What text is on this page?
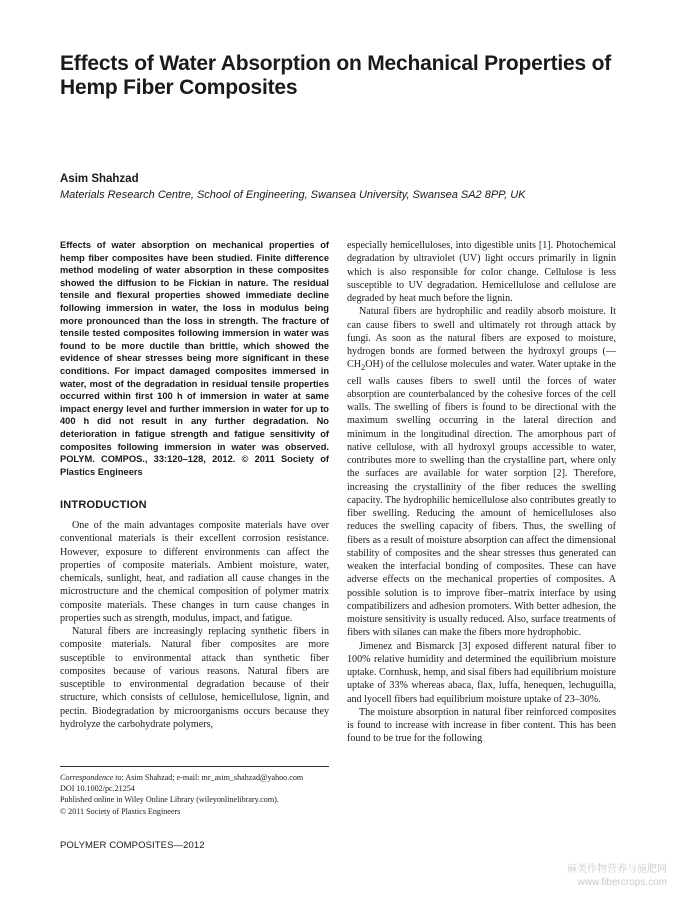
Effects of Water Absorption on Mechanical Properties of Hemp Fiber Composites
Asim Shahzad
Materials Research Centre, School of Engineering, Swansea University, Swansea SA2 8PP, UK

Effects of water absorption on mechanical properties of hemp fiber composites have been studied. Finite difference method modeling of water absorption in these composites showed the diffusion to be Fickian in nature. The residual tensile and flexural properties showed immediate decline following immersion in water, the loss in modulus being more pronounced than the loss in strength. The fracture of tensile tested composites following immersion in water was found to be more ductile than brittle, which showed the evidence of shear stresses being more significant in these conditions. For impact damaged composites immersed in water, most of the degradation in residual tensile properties occurred within first 100 h of immersion in water at same impact energy level and further immersion in water for up to 400 h did not result in any further degradation. No deterioration in fatigue strength and fatigue sensitivity of composites following immersion in water was observed. POLYM. COMPOS., 33:120–128, 2012. © 2011 Society of Plastics Engineers

INTRODUCTION

One of the main advantages composite materials have over conventional materials is their excellent corrosion resistance. However, exposure to different environments can affect the properties of composite materials. Ambient moisture, water, chemicals, sunlight, heat, and radiation all cause changes in the microstructure and the chemical composition of polymer matrix composite materials. These changes in turn cause changes in properties such as strength, modulus, impact, and fatigue.

Natural fibers are increasingly replacing synthetic fibers in composite materials. Natural fiber composites are more susceptible to environmental attack than synthetic fiber composites because of various reasons. Natural fibers are susceptible to environmental degradation because of their structure, which consists of cellulose, hemicellulose, lignin, and pectin. Biodegradation by microorganisms occurs because they hydrolyze the carbohydrate polymers,

especially hemicelluloses, into digestible units [1]. Photochemical degradation by ultraviolet (UV) light occurs primarily in lignin which is also responsible for color change. Cellulose is less susceptible to UV degradation. Hemicellulose and cellulose are degraded by heat much before the lignin.

Natural fibers are hydrophilic and readily absorb moisture. It can cause fibers to swell and ultimately rot through attack by fungi. As soon as the natural fibers are exposed to moisture, hydrogen bonds are formed between the hydroxyl groups $(—CH_2OH)$ of the cellulose molecules and water. Water uptake in the cell walls causes fibers to swell until the forces of water absorption are counterbalanced by the cohesive forces of the cell walls. The swelling of fibers is found to be directional with the maximum swelling occurring in the lateral direction and minimum in the longitudinal direction. The amorphous part of native cellulose, with all hydroxyl groups accessible to water, contributes more to swelling than the crystalline part, where only the surfaces are available for water sorption [2]. Therefore, increasing the crystallinity of the fiber reduces the swelling capacity. The hydrophilic hemicellulose also contributes greatly to fiber swelling. Reducing the amount of hemicelluloses also reduces the swelling capacity of fibers. Thus, the swelling of fibers as a result of moisture absorption can affect the dimensional stability of composites and the shear stresses thus generated can weaken the interfacial bonding of composites. These can have adverse effects on the mechanical properties of composites. A possible solution is to improve fiber–matrix interface by using compatibilizers and adhesion promoters. With better adhesion, the moisture sensitivity is usually reduced. Also, surface treatments of fibers with silanes can make the fibers more hydrophobic.

Jimenez and Bismarck [3] exposed different natural fiber to 100% relative humidity and determined the equilibrium moisture uptake. Cornhusk, hemp, and sisal fibers had equilibrium moisture uptake of 33% whereas abaca, flax, luffa, henequen, lechuguilla, and lyocell fibers had equilibrium moisture uptake of 23–30%.

The moisture absorption in natural fiber reinforced composites is found to increase with increase in fiber content. This has been found to be true for the following

Correspondence to: Asim Shahzad; e-mail: mr_asim_shahzad@yahoo.com
DOI 10.1002/pc.21254
Published online in Wiley Online Library (wileyonlinelibrary.com).
© 2011 Society of Plastics Engineers
POLYMER COMPOSITES—2012
麻类作物营养与施肥网
www.fibercrops.com
